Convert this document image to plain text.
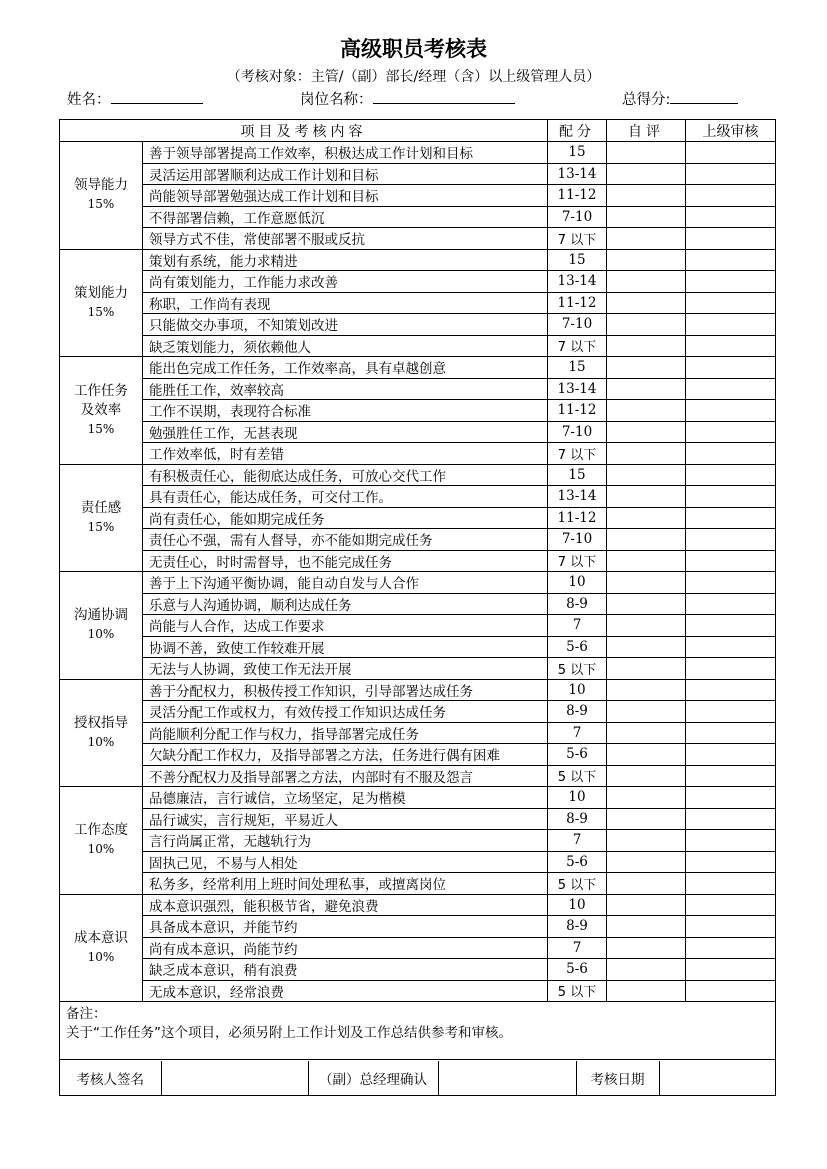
高级职员考核表
（考核对象：主管/（副）部长/经理（含）以上级管理人员）
姓名：	岗位名称：	总得分:
项目及考核内容	配分	自评	上级审核

领导能力
15%
	善于领导部署提高工作效率，积极达成工作计划和目标	15		
灵活运用部署顺利达成工作计划和目标	13-14		
尚能领导部署勉强达成工作计划和目标	11-12		
不得部署信赖，工作意愿低沉	7-10		
领导方式不佳，常使部署不服或反抗	7 以下		

策划能力
15%
	策划有系统，能力求精进	15		
尚有策划能力，工作能力求改善	13-14		
称职，工作尚有表现	11-12		
只能做交办事项，不知策划改进	7-10		
缺乏策划能力，须依赖他人	7 以下		

工作任务
及效率
15%
	能出色完成工作任务，工作效率高，具有卓越创意	15		
能胜任工作，效率较高	13-14		
工作不误期，表现符合标准	11-12		
勉强胜任工作，无甚表现	7-10		
工作效率低，时有差错	7 以下		

责任感
15%
	有积极责任心，能彻底达成任务，可放心交代工作	15		
具有责任心，能达成任务，可交付工作。	13-14		
尚有责任心，能如期完成任务	11-12		
责任心不强，需有人督导，亦不能如期完成任务	7-10		
无责任心，时时需督导，也不能完成任务	7 以下		

沟通协调
10%
	善于上下沟通平衡协调，能自动自发与人合作	10		
乐意与人沟通协调，顺利达成任务	8-9		
尚能与人合作，达成工作要求	7		
协调不善，致使工作较难开展	5-6		
无法与人协调，致使工作无法开展	5 以下		

授权指导
10%
	善于分配权力，积极传授工作知识，引导部署达成任务	10		
灵活分配工作或权力，有效传授工作知识达成任务	8-9		
尚能顺利分配工作与权力，指导部署完成任务	7		
欠缺分配工作权力，及指导部署之方法，任务进行偶有困难	5-6		
不善分配权力及指导部署之方法，内部时有不服及怨言	5 以下		

工作态度
10%
	品德廉洁，言行诚信，立场坚定，足为楷模	10		
品行诚实，言行规矩，平易近人	8-9		
言行尚属正常，无越轨行为	7		
固执己见，不易与人相处	5-6		
私务多，经常利用上班时间处理私事，或擅离岗位	5 以下		

成本意识
10%
	成本意识强烈，能积极节省，避免浪费	10		
具备成本意识，并能节约	8-9		
尚有成本意识，尚能节约	7		
缺乏成本意识，稍有浪费	5-6		
无成本意识，经常浪费	5 以下		

备注：
关于“工作任务”这个项目，必须另附上工作计划及工作总结供参考和审核。

考核人签名		（副）总经理确认		考核日期	
